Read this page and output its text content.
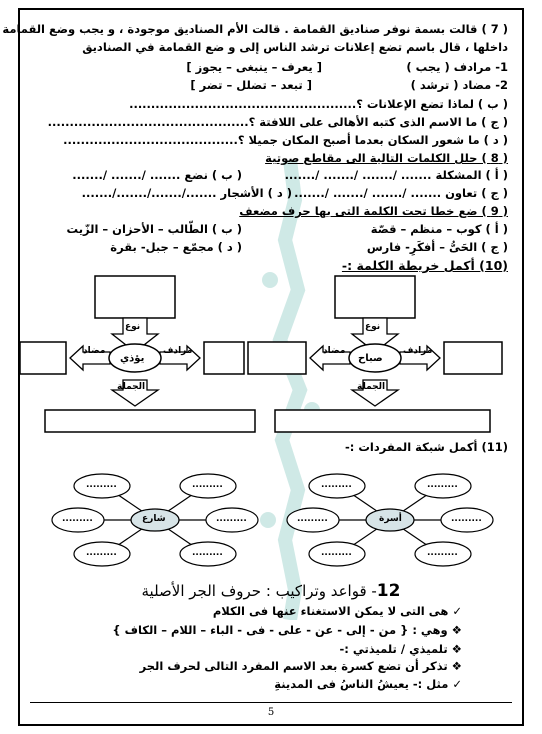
( 7 ) قالت بسمة نوفر صناديق القمامة . قالت الأم الصناديق موجودة ، و يجب وضع القمامة
داخلها ، قال باسم تضع إعلانات ترشد الناس إلى و ضع القمامة في الصناديق
1- مرادف ( يجب )
[ يعرف – ينبغى – يجوز ]
2- مضاد ( ترشد )
[ تبعد – تضلل – تضر ]
( ب ) لماذا تضع الإعلانات ؟....................................................
( ج ) ما الاسم الذى كتبه الأهالى على اللافتة ؟..............................................
( د ) ما شعور السكان بعدما أصبح المكان جميلا ؟........................................
( 8 ) حلل الكلمات التالية الى مقاطع صوتية
( أ ) المشكلة ....... /....... /....... /.......
( ب ) نضع ....... /....... /.......
( ج ) تعاون ....... /....... /....... /.......
( د ) الأشجار ......./......./......./.......
( 9 ) ضع خطا تحت الكلمة التى بها حرف مضعف
( أ ) كوب – منظم – قصّة
( ب ) الطّالب – الأحزان – الزّيت
( ج ) الحَىُّ – أفكَرِ- فارس
( د ) مجمّع – جبل- بقرة
(10) أكمل خريطة الكلمة :-
نوع
صباح
مضاد	مرادف
الجملة
نوع
يؤذي
مضاد	مرادف
الجملة
(11) أكمل شبكة المفردات :-
شارع	أسرة
.........	.........
.........	.........
.........	.........
.........	.........
.........	.........
.........	.........
12- قواعد وتراكيب : حروف الجر الأصلية
✓ هى التى لا يمكن الاستغناء عنها فى الكلام
❖ وهي : { من - إلى - عن - على - فى - الباء – اللام – الكاف }
❖ تلميذي / تلميذتي :-
❖ تذكر أن تضع كسرة بعد الاسم المفرد التالى لحرف الجر
✓ مثل :- يعيشُ الناسُ فى المدينةِ
5
